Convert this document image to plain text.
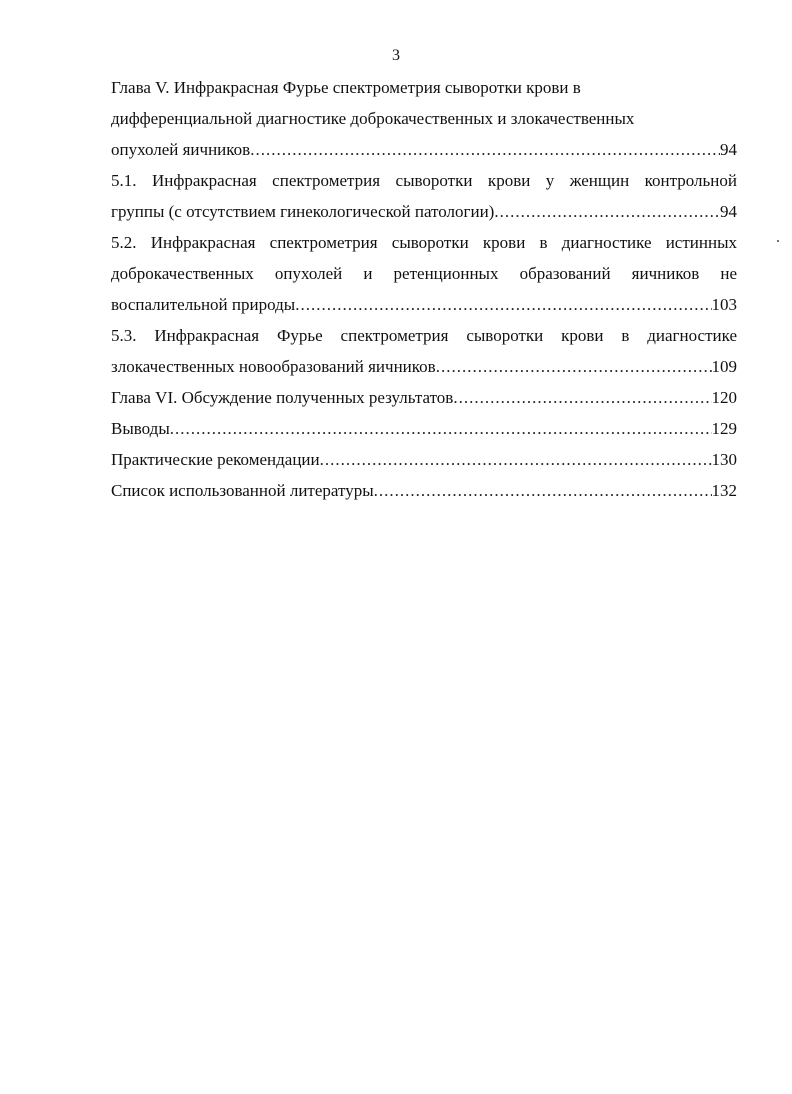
3
Глава V. Инфракрасная Фурье спектрометрия сыворотки крови в
дифференциальной диагностике доброкачественных и злокачественных
опухолей яичников .....	94
5.1. Инфракрасная спектрометрия сыворотки крови у женщин контрольной
группы (с отсутствием гинекологической патологии) .....	94
5.2. Инфракрасная спектрометрия сыворотки крови в диагностике истинных
доброкачественных опухолей и ретенционных образований яичников не
воспалительной природы .....	103
5.3. Инфракрасная Фурье спектрометрия сыворотки крови в диагностике
злокачественных новообразований яичников .....	109
Глава VI. Обсуждение полученных результатов .....	120
Выводы .....	129
Практические рекомендации .....	130
Список использованной литературы .....	132
